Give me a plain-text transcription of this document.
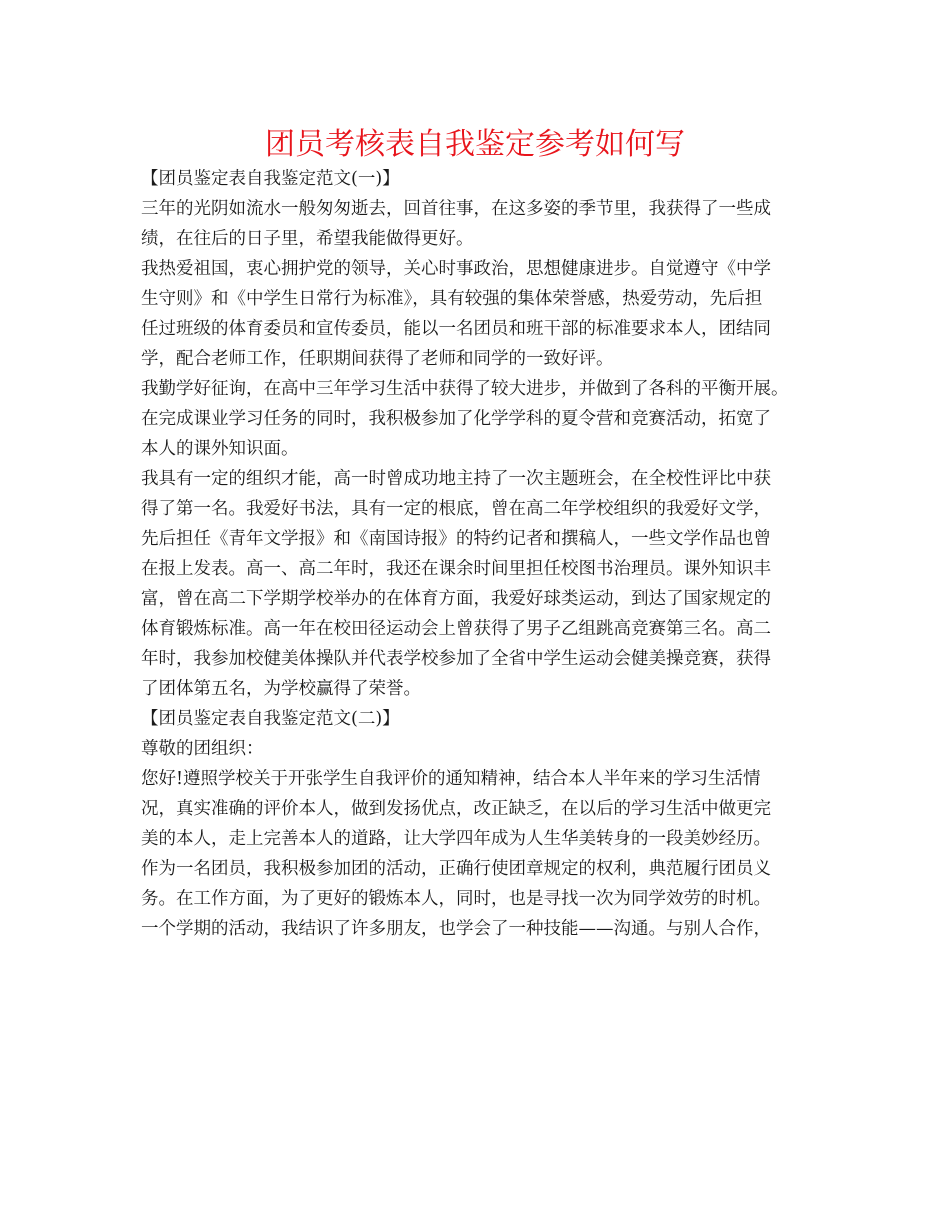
团员考核表自我鉴定参考如何写
【团员鉴定表自我鉴定范文(一)】
三年的光阴如流水一般匆匆逝去，回首往事，在这多姿的季节里，我获得了一些成
绩，在往后的日子里，希望我能做得更好。
我热爱祖国，衷心拥护党的领导，关心时事政治，思想健康进步。自觉遵守《中学
生守则》和《中学生日常行为标准》，具有较强的集体荣誉感，热爱劳动，先后担
任过班级的体育委员和宣传委员，能以一名团员和班干部的标准要求本人，团结同
学，配合老师工作，任职期间获得了老师和同学的一致好评。
我勤学好征询，在高中三年学习生活中获得了较大进步，并做到了各科的平衡开展。
在完成课业学习任务的同时，我积极参加了化学学科的夏令营和竞赛活动，拓宽了
本人的课外知识面。
我具有一定的组织才能，高一时曾成功地主持了一次主题班会，在全校性评比中获
得了第一名。我爱好书法，具有一定的根底，曾在高二年学校组织的我爱好文学，
先后担任《青年文学报》和《南国诗报》的特约记者和撰稿人，一些文学作品也曾
在报上发表。高一、高二年时，我还在课余时间里担任校图书治理员。课外知识丰
富，曾在高二下学期学校举办的在体育方面，我爱好球类运动，到达了国家规定的
体育锻炼标准。高一年在校田径运动会上曾获得了男子乙组跳高竞赛第三名。高二
年时，我参加校健美体操队并代表学校参加了全省中学生运动会健美操竞赛，获得
了团体第五名，为学校赢得了荣誉。
【团员鉴定表自我鉴定范文(二)】
尊敬的团组织：
您好!遵照学校关于开张学生自我评价的通知精神，结合本人半年来的学习生活情
况，真实准确的评价本人，做到发扬优点，改正缺乏，在以后的学习生活中做更完
美的本人，走上完善本人的道路，让大学四年成为人生华美转身的一段美妙经历。
作为一名团员，我积极参加团的活动，正确行使团章规定的权利，典范履行团员义
务。在工作方面，为了更好的锻炼本人，同时，也是寻找一次为同学效劳的时机。
一个学期的活动，我结识了许多朋友，也学会了一种技能——沟通。与别人合作，
